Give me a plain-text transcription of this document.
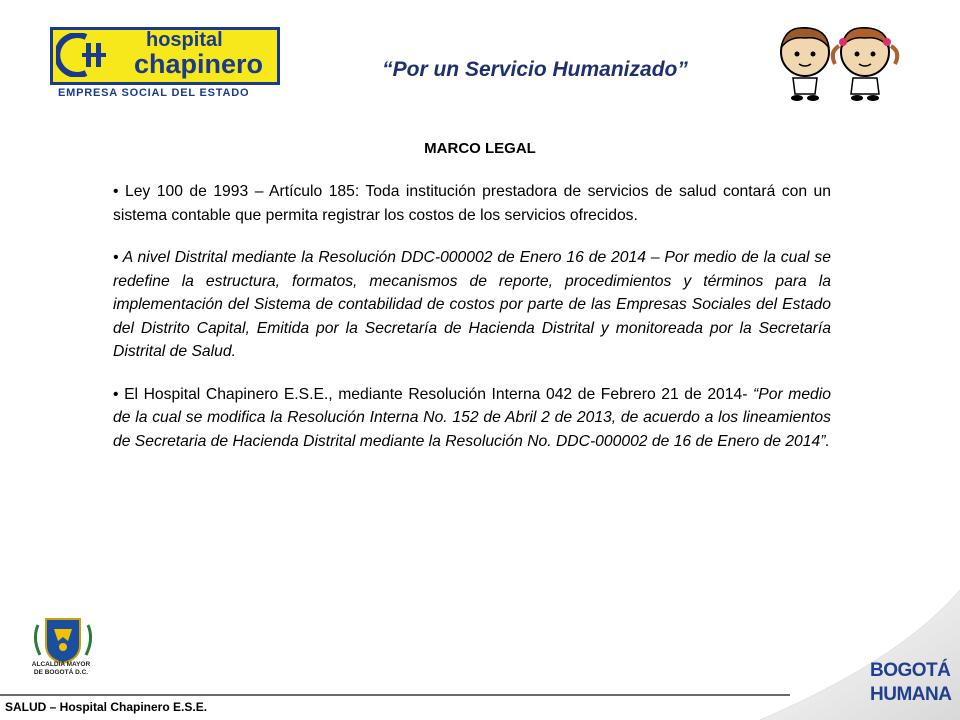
hospital
chapinero
EMPRESA SOCIAL DEL ESTADO
“Por un Servicio Humanizado”
MARCO LEGAL

• Ley 100 de 1993 – Artículo 185: Toda institución prestadora de servicios de salud contará con un sistema contable que permita registrar los costos de los servicios ofrecidos.

• A nivel Distrital mediante la Resolución DDC-000002 de Enero 16 de 2014 – Por medio de la cual se redefine la estructura, formatos, mecanismos de reporte, procedimientos y términos para la implementación del Sistema de contabilidad de costos por parte de las Empresas Sociales del Estado del Distrito Capital, Emitida por la Secretaría de Hacienda Distrital y monitoreada por la Secretaría Distrital de Salud.

• El Hospital Chapinero E.S.E., mediante Resolución Interna 042 de Febrero 21 de 2014- “Por medio de la cual se modifica la Resolución Interna No. 152 de Abril 2 de 2013, de acuerdo a los lineamientos de Secretaria de Hacienda Distrital mediante la Resolución No. DDC-000002 de 16 de Enero de 2014”.

ALCALDÍA MAYOR
DE BOGOTÁ D.C.
SALUD – Hospital Chapinero E.S.E.
BOGOTÁ
HUMANA
